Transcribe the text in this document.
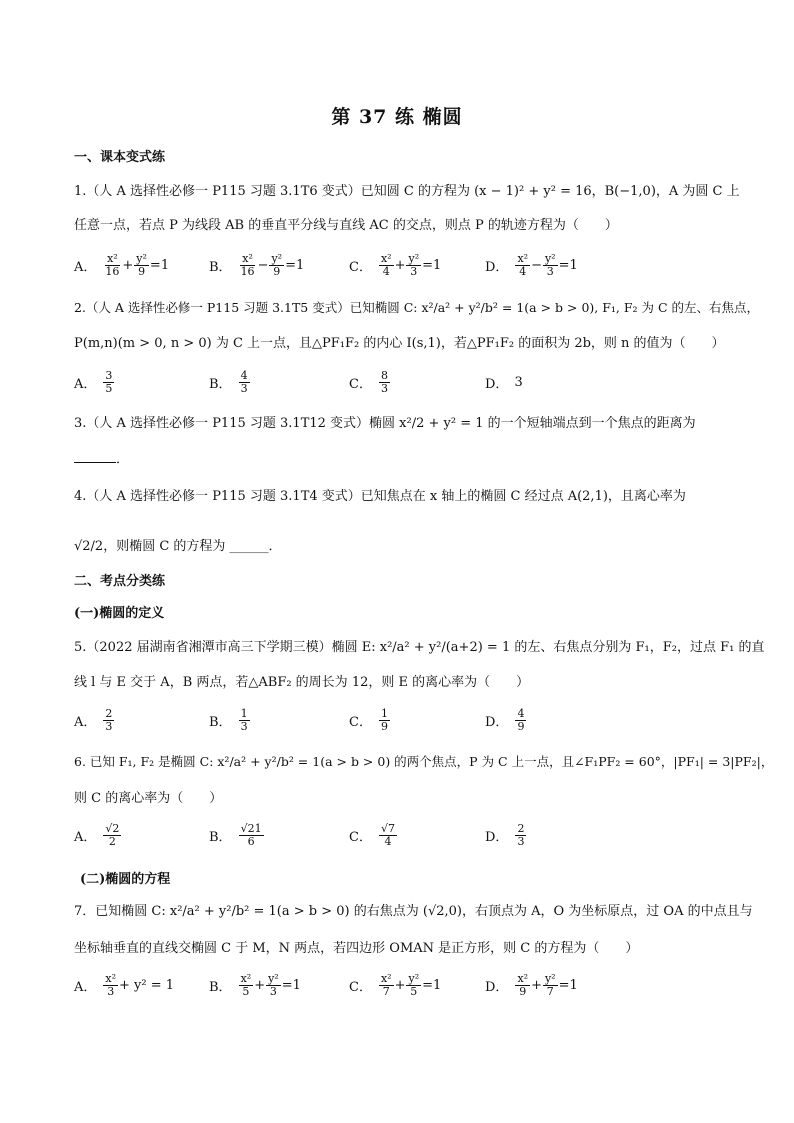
第 37 练 椭圆
一、课本变式练
1.（人 A 选择性必修一 P115 习题 3.1T6 变式）已知圆 C 的方程为 (x − 1)² + y² = 16，B(−1,0)，A 为圆 C 上
任意一点，若点 P 为线段 AB 的垂直平分线与直线 AC 的交点，则点 P 的轨迹方程为（　　）
A． $\frac{\text{x²}}{16} + \frac{\text{y²}}{9} =1$	B． $\frac{\text{x²}}{16} - \frac{\text{y²}}{9} =1$	C． $\frac{\text{x²}}{4} + \frac{\text{y²}}{3} =1$	D． $\frac{\text{x²}}{4} - \frac{\text{y²}}{3} =1$
2.（人 A 选择性必修一 P115 习题 3.1T5 变式）已知椭圆 C: x²/a² + y²/b² = 1(a > b > 0), F₁, F₂ 为 C 的左、右焦点，
P(m,n)(m > 0, n > 0) 为 C 上一点，且△PF₁F₂ 的内心 I(s,1)，若△PF₁F₂ 的面积为 2b，则 n 的值为（　　）
A． $\frac{3}{5}$	B． $\frac{4}{3}$	C． $\frac{8}{3}$	D． 3
3.（人 A 选择性必修一 P115 习题 3.1T12 变式）椭圆 x²/2 + y² = 1 的一个短轴端点到一个焦点的距离为
．
4.（人 A 选择性必修一 P115 习题 3.1T4 变式）已知焦点在 x 轴上的椭圆 C 经过点 A(2,1)，且离心率为
√2/2，则椭圆 C 的方程为 ______．
二、考点分类练
(一)椭圆的定义
5.（2022 届湖南省湘潭市高三下学期三模）椭圆 E: x²/a² + y²/(a+2) = 1 的左、右焦点分别为 F₁，F₂，过点 F₁ 的直
线 l 与 E 交于 A，B 两点，若△ABF₂ 的周长为 12，则 E 的离心率为（　　）
A． $\frac{2}{3}$	B． $\frac{1}{3}$	C． $\frac{1}{9}$	D． $\frac{4}{9}$
6. 已知 F₁, F₂ 是椭圆 C: x²/a² + y²/b² = 1(a > b > 0) 的两个焦点，P 为 C 上一点，且∠F₁PF₂ = 60°，|PF₁| = 3|PF₂|，
则 C 的离心率为（　　）
A． $\frac{√2}{2}$	B． $\frac{√21}{6}$	C． $\frac{√7}{4}$	D． $\frac{2}{3}$
(二)椭圆的方程
7．已知椭圆 C: x²/a² + y²/b² = 1(a > b > 0) 的右焦点为 (√2,0)，右顶点为 A，O 为坐标原点，过 OA 的中点且与
坐标轴垂直的直线交椭圆 C 于 M，N 两点，若四边形 OMAN 是正方形，则 C 的方程为（　　）
A． $\frac{\text{x²}}{3} + y^2 = 1$	B． $\frac{\text{x²}}{5} + \frac{\text{y²}}{3} =1$	C． $\frac{\text{x²}}{7} + \frac{\text{y²}}{5} =1$	D． $\frac{\text{x²}}{9} + \frac{\text{y²}}{7} =1$
